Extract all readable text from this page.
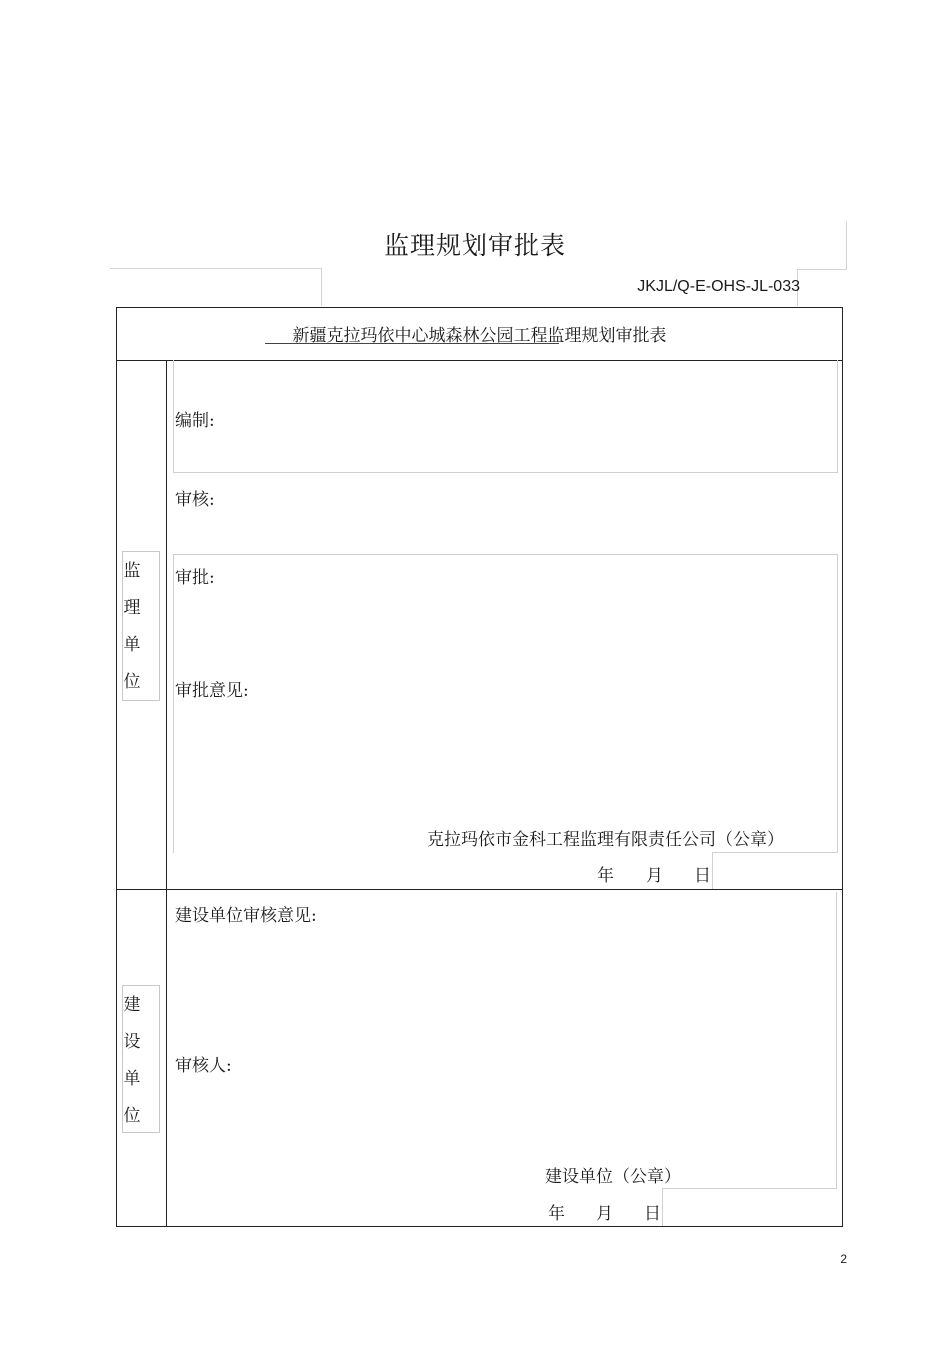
监理规划审批表
JKJL/Q-E-OHS-JL-033
新疆克拉玛依中心城森林公园工程监理规划审批表
监
理
单
位
编制:
审核:
审批:
审批意见:
克拉玛依市金科工程监理有限责任公司（公章）
年 月 日
建
设
单
位
建设单位审核意见:
审核人:
建设单位（公章）
年 月 日
2
